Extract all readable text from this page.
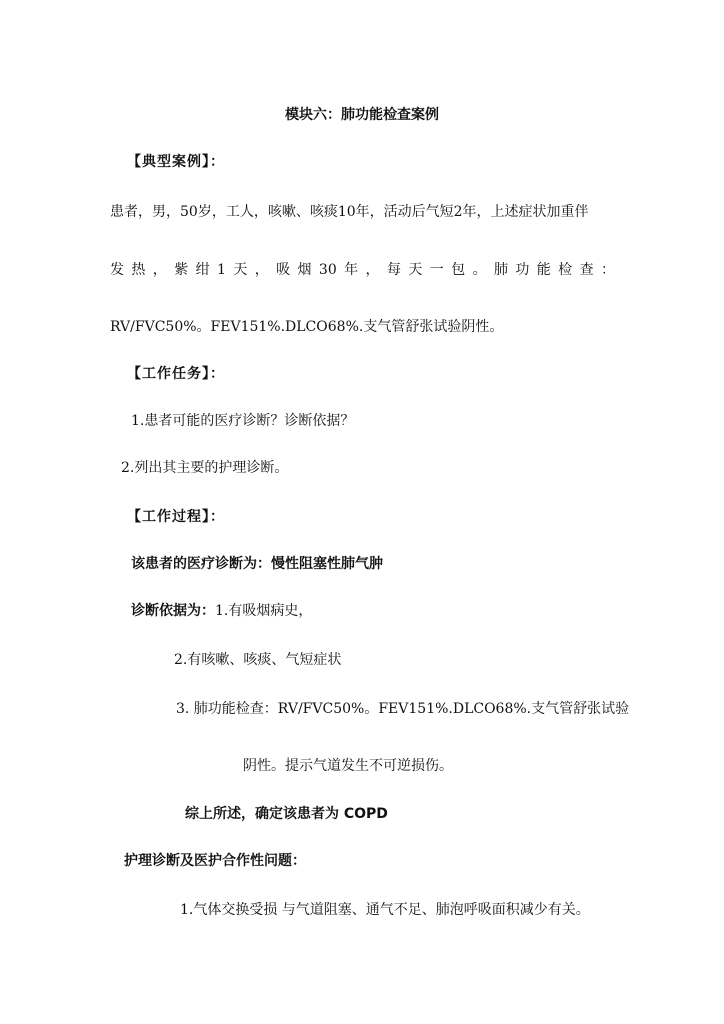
模块六：肺功能检查案例
【典型案例】：
患者，男，50岁，工人，咳嗽、咳痰10年，活动后气短2年，上述症状加重伴
发热，紫绀1天，吸烟30年，每天一包。肺功能检查：
RV/FVC50%。FEV151%.DLCO68%.支气管舒张试验阴性。
【工作任务】：
1.患者可能的医疗诊断？诊断依据？
2.列出其主要的护理诊断。
【工作过程】：
该患者的医疗诊断为：慢性阻塞性肺气肿
诊断依据为：1.有吸烟病史，
2.有咳嗽、咳痰、气短症状
3. 肺功能检查：RV/FVC50%。FEV151%.DLCO68%.支气管舒张试验
阴性。提示气道发生不可逆损伤。
综上所述，确定该患者为 COPD
护理诊断及医护合作性问题：
1.气体交换受损 与气道阻塞、通气不足、肺泡呼吸面积减少有关。
